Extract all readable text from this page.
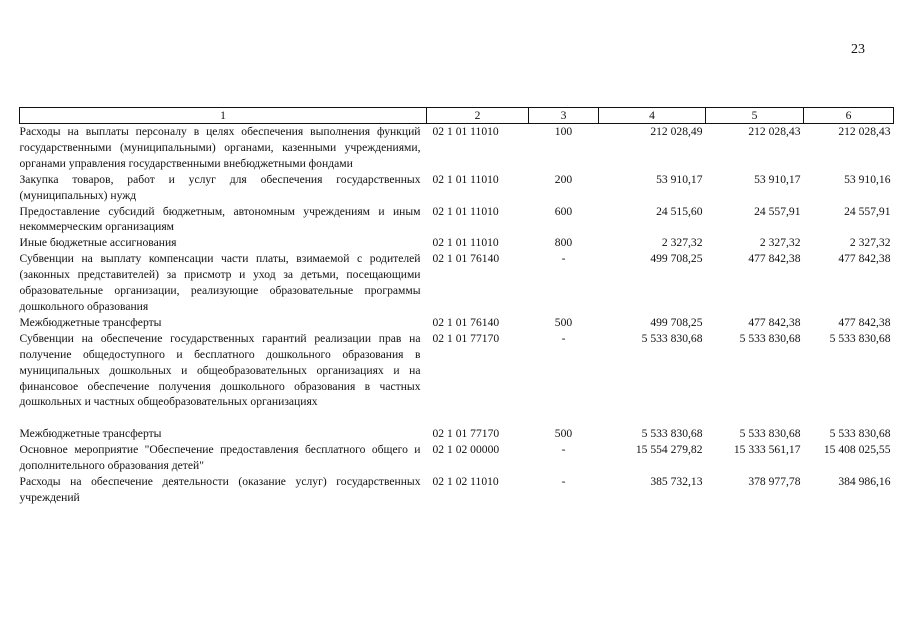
23
1	2	3	4	5	6
Расходы на выплаты персоналу в целях обеспечения выполнения функций государственными (муниципальными) органами, казенными учреждениями, органами управления государственными внебюджетными фондами	02 1 01 11010	100	212 028,49	212 028,43	212 028,43
Закупка товаров, работ и услуг для обеспечения государственных (муниципальных) нужд	02 1 01 11010	200	53 910,17	53 910,17	53 910,16
Предоставление субсидий бюджетным, автономным учреждениям и иным некоммерческим организациям	02 1 01 11010	600	24 515,60	24 557,91	24 557,91
Иные бюджетные ассигнования	02 1 01 11010	800	2 327,32	2 327,32	2 327,32
Субвенции на выплату компенсации части платы, взимаемой с родителей (законных представителей) за присмотр и уход за детьми, посещающими образовательные организации, реализующие образовательные программы дошкольного образования	02 1 01 76140	-	499 708,25	477 842,38	477 842,38
Межбюджетные трансферты	02 1 01 76140	500	499 708,25	477 842,38	477 842,38
Субвенции на обеспечение государственных гарантий реализации прав на получение общедоступного и бесплатного дошкольного образования в муниципальных дошкольных и общеобразовательных организациях и на финансовое обеспечение получения дошкольного образования в частных дошкольных и частных общеобразовательных организациях	02 1 01 77170	-	5 533 830,68	5 533 830,68	5 533 830,68

Межбюджетные трансферты	02 1 01 77170	500	5 533 830,68	5 533 830,68	5 533 830,68
Основное мероприятие "Обеспечение предоставления бесплатного общего и дополнительного образования детей"	02 1 02 00000	-	15 554 279,82	15 333 561,17	15 408 025,55
Расходы на обеспечение деятельности (оказание услуг) государственных учреждений	02 1 02 11010	-	385 732,13	378 977,78	384 986,16
